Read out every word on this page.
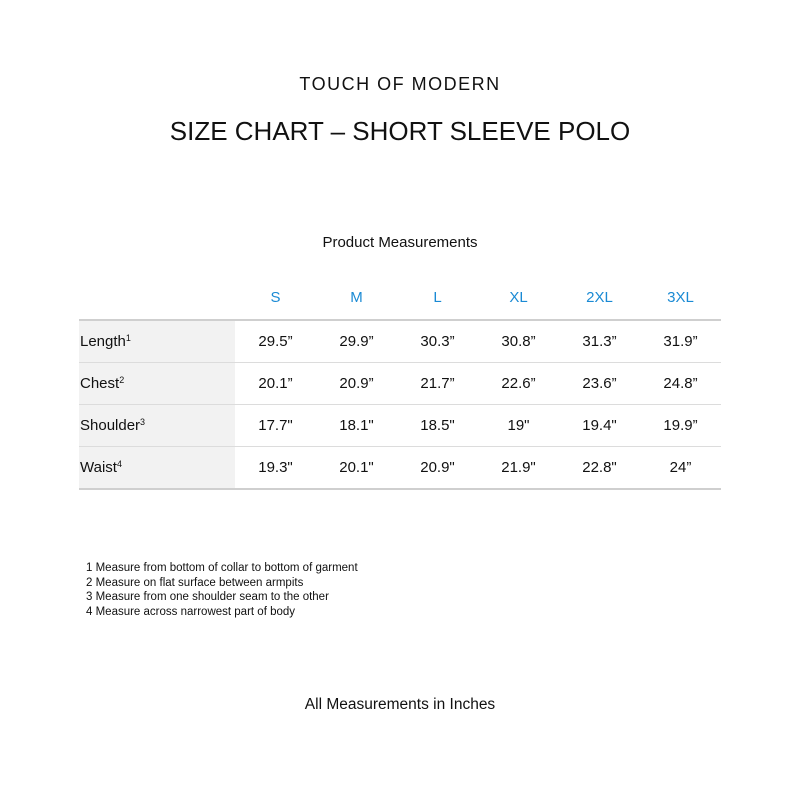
TOUCH OF MODERN
SIZE CHART – SHORT SLEEVE POLO
Product Measurements
	S	M	L	XL	2XL	3XL
Length$^1$	29.5”	29.9”	30.3”	30.8”	31.3”	31.9”
Chest$^2$	20.1”	20.9”	21.7”	22.6”	23.6”	24.8”
Shoulder$^3$	17.7"	18.1"	18.5"	19"	19.4"	19.9”
Waist$^4$	19.3"	20.1"	20.9"	21.9"	22.8"	24”
1 Measure from bottom of collar to bottom of garment
2 Measure on flat surface between armpits
3 Measure from one shoulder seam to the other
4 Measure across narrowest part of body
All Measurements in Inches
